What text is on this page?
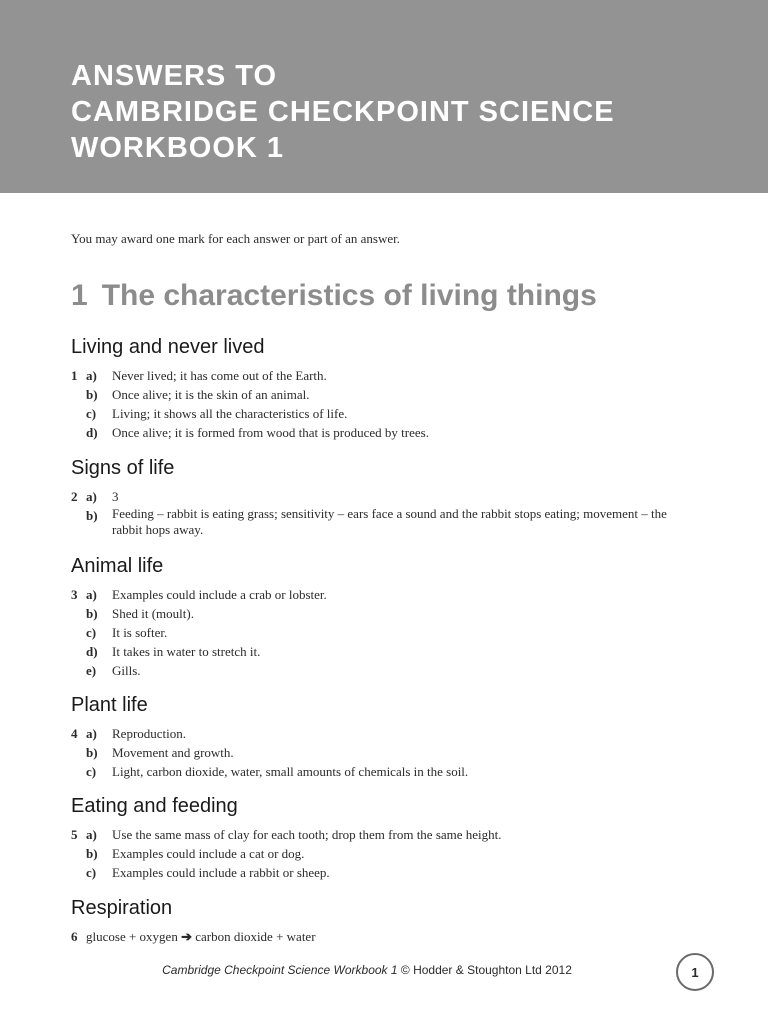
ANSWERS TO
CAMBRIDGE CHECKPOINT SCIENCE
WORKBOOK 1
You may award one mark for each answer or part of an answer.
1 The characteristics of living things
Living and never lived
1 a)	Never lived; it has come out of the Earth.
b)	Once alive; it is the skin of an animal.
c)	Living; it shows all the characteristics of life.
d)	Once alive; it is formed from wood that is produced by trees.
Signs of life
2 a)	3
b)	Feeding – rabbit is eating grass; sensitivity – ears face a sound and the rabbit stops eating; movement – the rabbit hops away.
Animal life
3 a)	Examples could include a crab or lobster.
b)	Shed it (moult).
c)	It is softer.
d)	It takes in water to stretch it.
e)	Gills.
Plant life
4 a)	Reproduction.
b)	Movement and growth.
c)	Light, carbon dioxide, water, small amounts of chemicals in the soil.
Eating and feeding
5 a)	Use the same mass of clay for each tooth; drop them from the same height.
b)	Examples could include a cat or dog.
c)	Examples could include a rabbit or sheep.
Respiration
6 glucose + oxygen ➔ carbon dioxide + water
Cambridge Checkpoint Science Workbook 1 © Hodder & Stoughton Ltd 2012	1
